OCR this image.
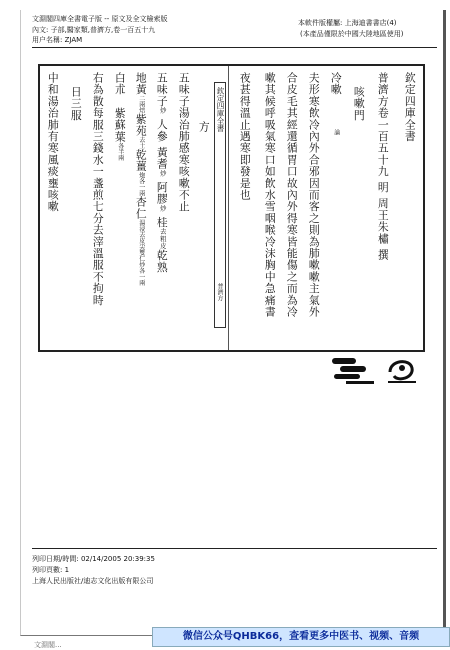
文淵閣四庫全書電子版 -- 原文及全文檢索版
內文: 子部,醫家類,普濟方,卷一百五十九
用户名稱: ZJAM
本軟件版權屬: 上海迪書書店(4)
(本產品僅限於中國大陸地區使用)
欽定四庫全書
普濟方卷一百五十九 明 周王朱橚 撰
咳嗽門
冷嗽論
夫形寒飲冷內外合邪因而客之則為肺嗽嗽主氣外
合皮毛其經還循胃口故內外得寒皆能傷之而為冷
嗽其候呼吸氣寒口如飲水雪咽喉冷沫胸中急痛書
夜甚得溫止遇寒即發是也
欽定四庫全書
普濟方
方
五味子湯治肺感寒咳嗽不止
五味子炒 人參 黃耆炒 阿膠炒 桂去粗皮乾熟
地黃二兩焙紫苑去土乾薑炮各一兩杏仁湯浸去皮尖雙仁炒各一兩
白朮紫蘇葉各半兩
右為散每服三錢水一盞煎七分去滓溫服不拘時
日三服
中和湯治肺有寒風痰壅咳嗽
列印日期/時間: 02/14/2005 20:39:35
列印頁數: 1
上海人民出版社/迪志文化出版有限公司
文淵閣...
微信公众号QHBK66，查看更多中医书、视频、音频
